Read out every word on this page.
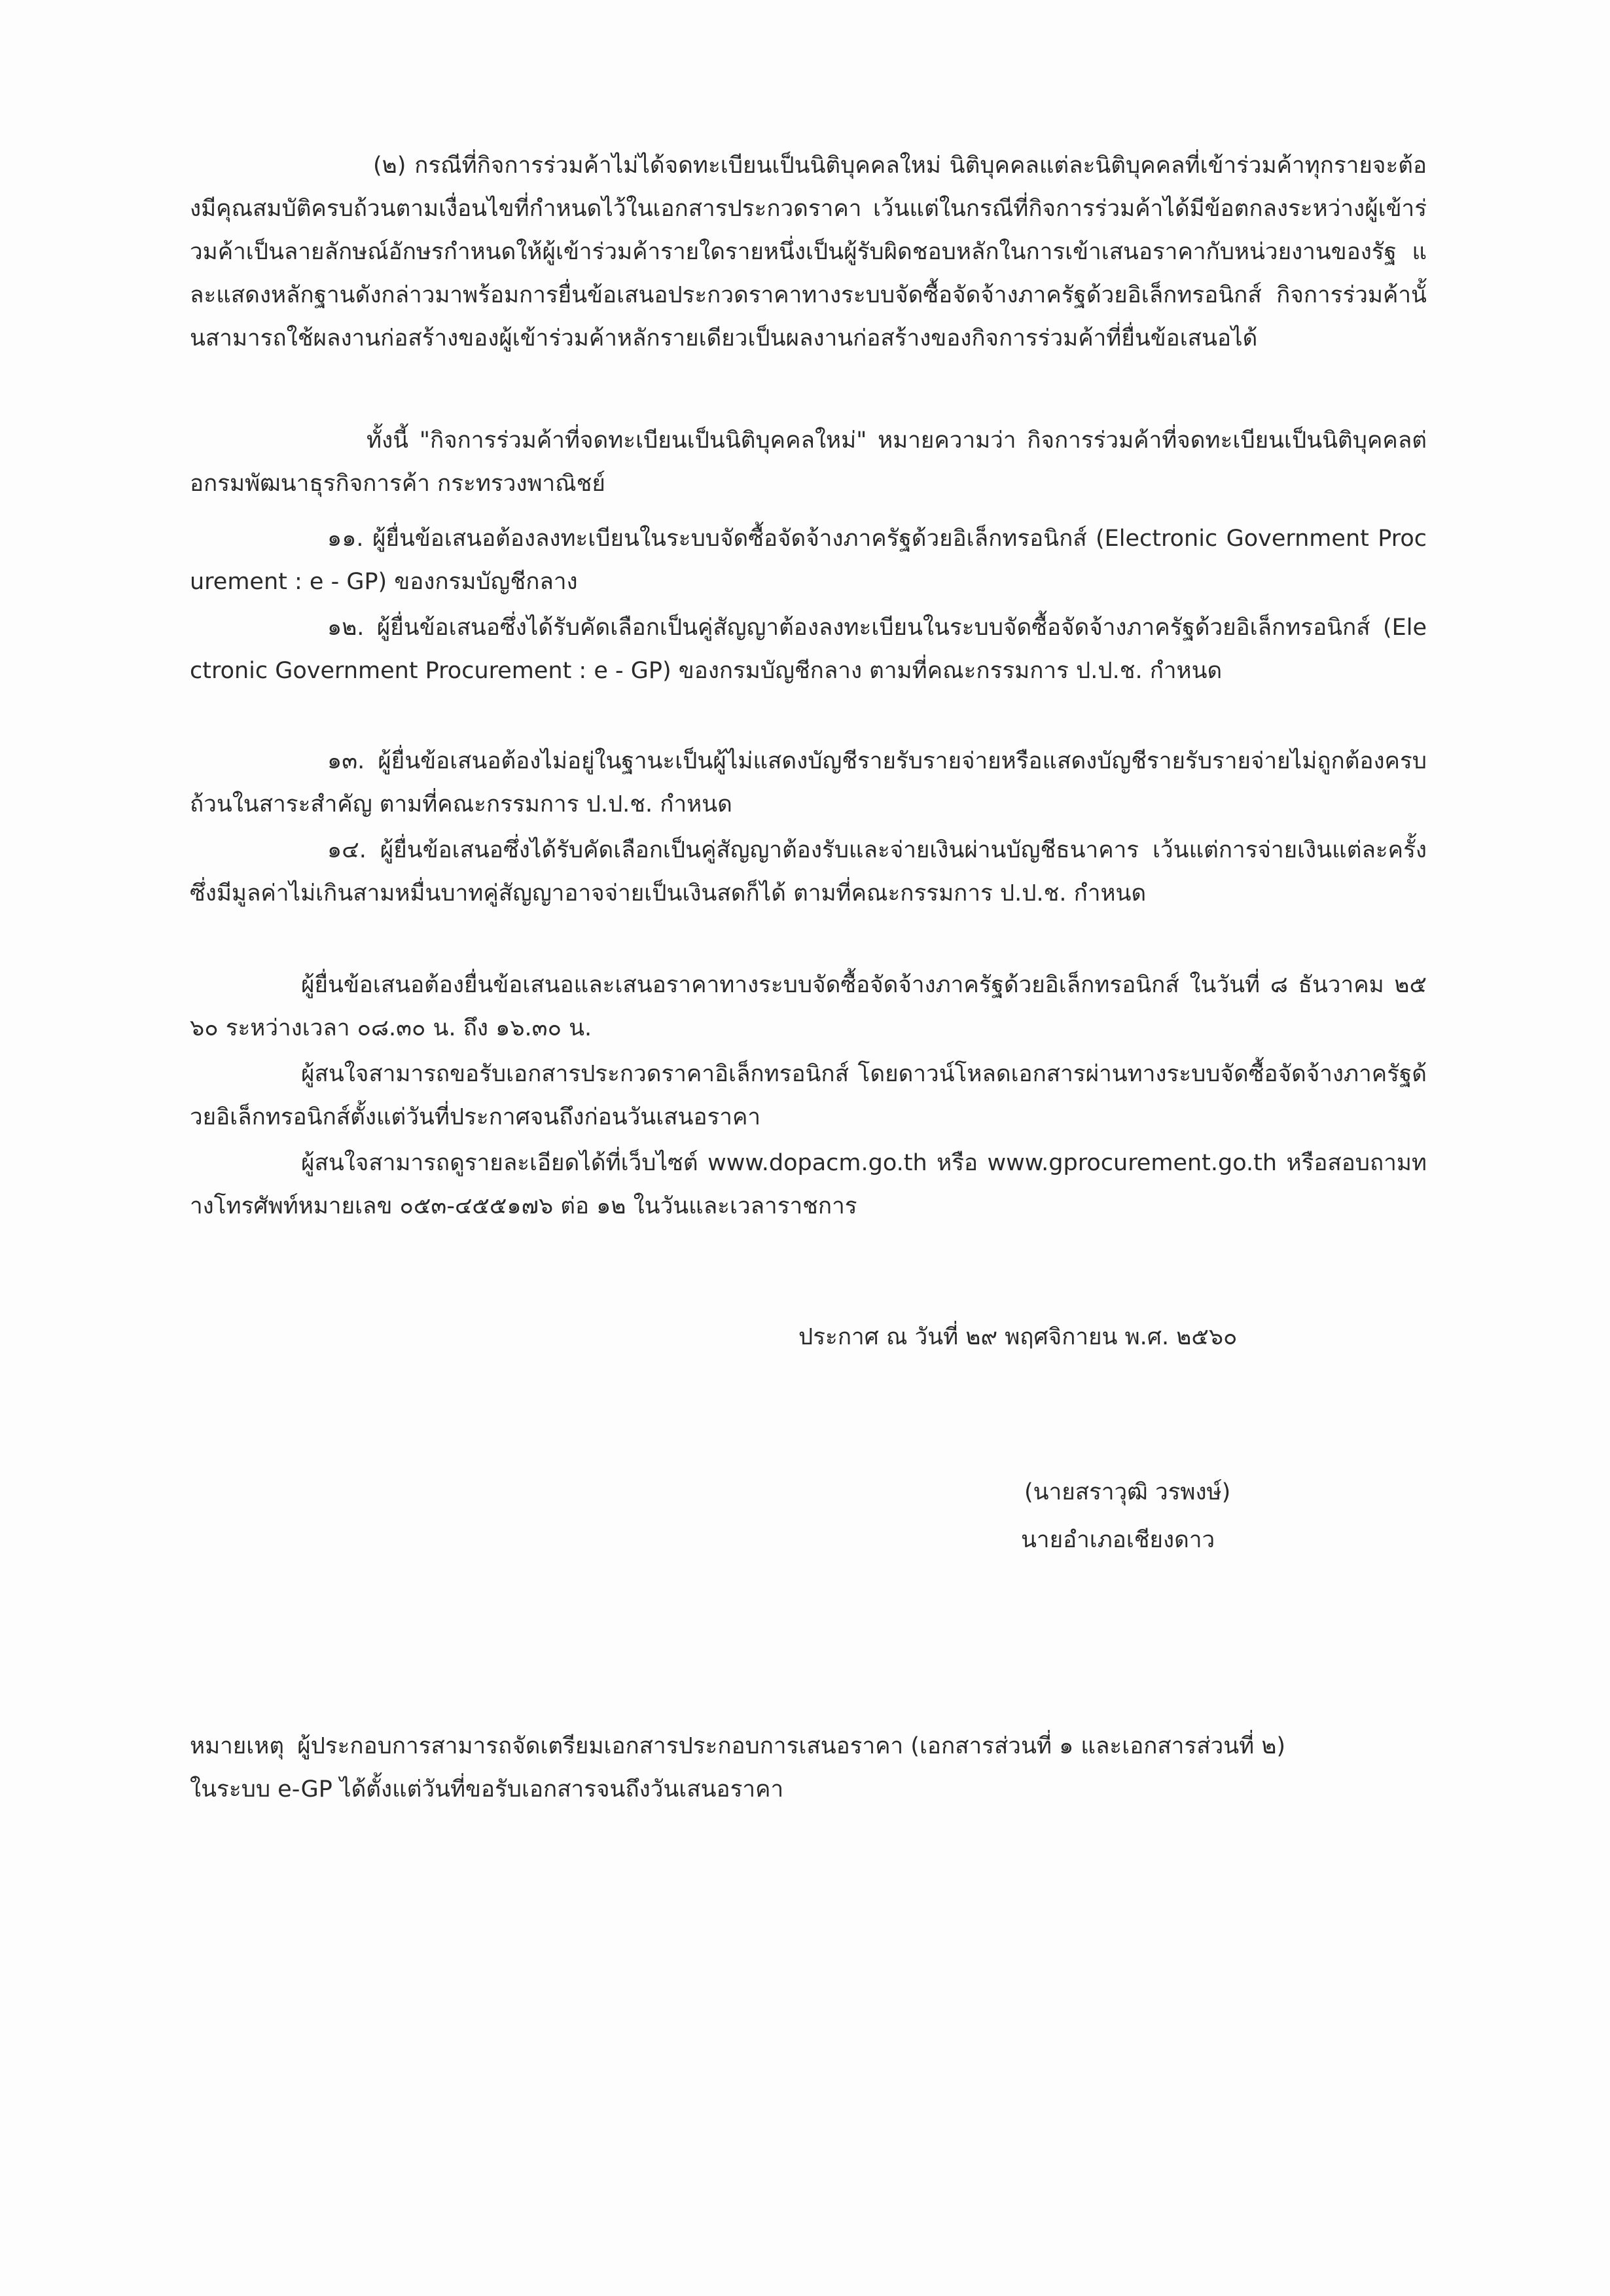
(๒) กรณีที่กิจการร่วมค้าไม่ได้จดทะเบียนเป็นนิติบุคคลใหม่ นิติบุคคลแต่ละนิติบุคคลที่เข้าร่วมค้าทุกรายจะต้องมีคุณสมบัติครบถ้วนตามเงื่อนไขที่กำหนดไว้ในเอกสารประกวดราคา เว้นแต่ในกรณีที่กิจการร่วมค้าได้มีข้อตกลงระหว่างผู้เข้าร่วมค้าเป็นลายลักษณ์อักษรกำหนดให้ผู้เข้าร่วมค้ารายใดรายหนึ่งเป็นผู้รับผิดชอบหลักในการเข้าเสนอราคากับหน่วยงานของรัฐ และแสดงหลักฐานดังกล่าวมาพร้อมการยื่นข้อเสนอประกวดราคาทางระบบจัดซื้อจัดจ้างภาครัฐด้วยอิเล็กทรอนิกส์ กิจการร่วมค้านั้นสามารถใช้ผลงานก่อสร้างของผู้เข้าร่วมค้าหลักรายเดียวเป็นผลงานก่อสร้างของกิจการร่วมค้าที่ยื่นข้อเสนอได้

ทั้งนี้ "กิจการร่วมค้าที่จดทะเบียนเป็นนิติบุคคลใหม่" หมายความว่า กิจการร่วมค้าที่จดทะเบียนเป็นนิติบุคคลต่อกรมพัฒนาธุรกิจการค้า กระทรวงพาณิชย์

๑๑. ผู้ยื่นข้อเสนอต้องลงทะเบียนในระบบจัดซื้อจัดจ้างภาครัฐด้วยอิเล็กทรอนิกส์ (Electronic Government Procurement : e - GP) ของกรมบัญชีกลาง

๑๒. ผู้ยื่นข้อเสนอซึ่งได้รับคัดเลือกเป็นคู่สัญญาต้องลงทะเบียนในระบบจัดซื้อจัดจ้างภาครัฐด้วยอิเล็กทรอนิกส์ (Electronic Government Procurement : e - GP) ของกรมบัญชีกลาง ตามที่คณะกรรมการ ป.ป.ช. กำหนด

๑๓. ผู้ยื่นข้อเสนอต้องไม่อยู่ในฐานะเป็นผู้ไม่แสดงบัญชีรายรับรายจ่ายหรือแสดงบัญชีรายรับรายจ่ายไม่ถูกต้องครบถ้วนในสาระสำคัญ ตามที่คณะกรรมการ ป.ป.ช. กำหนด

๑๔. ผู้ยื่นข้อเสนอซึ่งได้รับคัดเลือกเป็นคู่สัญญาต้องรับและจ่ายเงินผ่านบัญชีธนาคาร เว้นแต่การจ่ายเงินแต่ละครั้งซึ่งมีมูลค่าไม่เกินสามหมื่นบาทคู่สัญญาอาจจ่ายเป็นเงินสดก็ได้ ตามที่คณะกรรมการ ป.ป.ช. กำหนด

ผู้ยื่นข้อเสนอต้องยื่นข้อเสนอและเสนอราคาทางระบบจัดซื้อจัดจ้างภาครัฐด้วยอิเล็กทรอนิกส์ ในวันที่ ๘ ธันวาคม ๒๕๖๐ ระหว่างเวลา ๐๘.๓๐ น. ถึง ๑๖.๓๐ น.

ผู้สนใจสามารถขอรับเอกสารประกวดราคาอิเล็กทรอนิกส์ โดยดาวน์โหลดเอกสารผ่านทางระบบจัดซื้อจัดจ้างภาครัฐด้วยอิเล็กทรอนิกส์ตั้งแต่วันที่ประกาศจนถึงก่อนวันเสนอราคา

ผู้สนใจสามารถดูรายละเอียดได้ที่เว็บไซต์ www.dopacm.go.th หรือ www.gprocurement.go.th หรือสอบถามทางโทรศัพท์หมายเลข ๐๕๓-๔๕๕๑๗๖ ต่อ ๑๒ ในวันและเวลาราชการ

ประกาศ ณ วันที่ ๒๙ พฤศจิกายน พ.ศ. ๒๕๖๐

(นายสราวุฒิ วรพงษ์)

นายอำเภอเชียงดาว

หมายเหตุ ผู้ประกอบการสามารถจัดเตรียมเอกสารประกอบการเสนอราคา (เอกสารส่วนที่ ๑ และเอกสารส่วนที่ ๒)
ในระบบ e-GP ได้ตั้งแต่วันที่ขอรับเอกสารจนถึงวันเสนอราคา
